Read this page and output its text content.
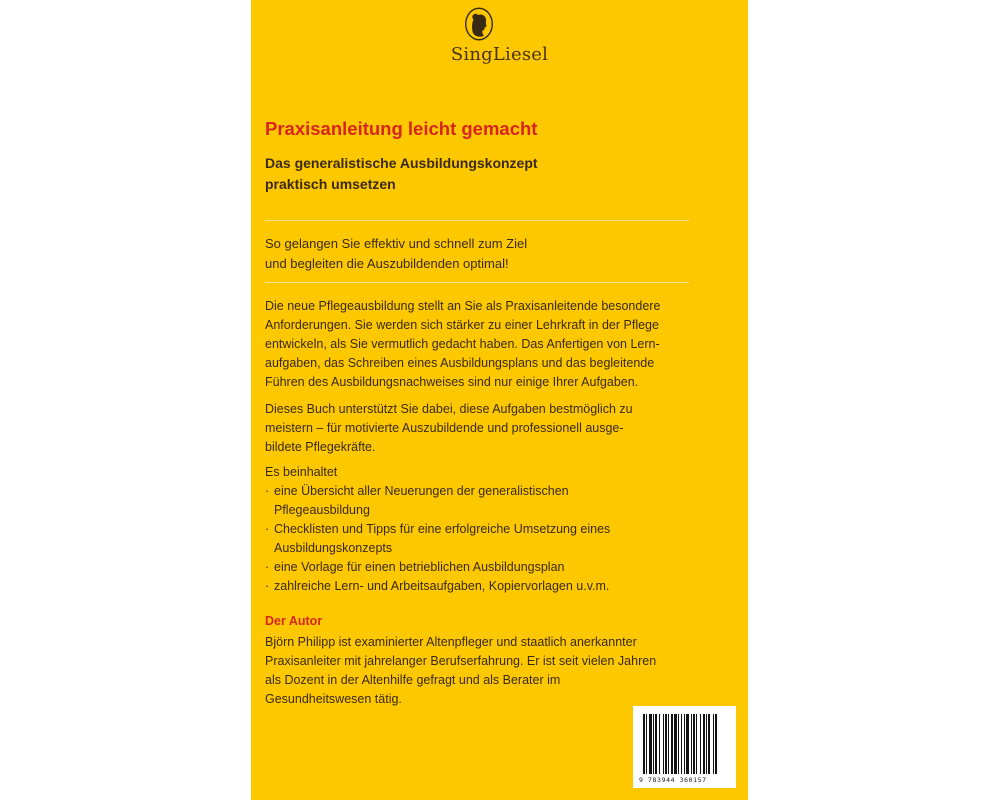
SingLiesel
Praxisanleitung leicht gemacht
Das generalistische Ausbildungskonzept
praktisch umsetzen
So gelangen Sie effektiv und schnell zum Ziel
und begleiten die Auszubildenden optimal!
Die neue Pflegeausbildung stellt an Sie als Praxisanleitende besondere
Anforderungen. Sie werden sich stärker zu einer Lehrkraft in der Pflege
entwickeln, als Sie vermutlich gedacht haben. Das Anfertigen von Lern-
aufgaben, das Schreiben eines Ausbildungsplans und das begleitende
Führen des Ausbildungsnachweises sind nur einige Ihrer Aufgaben.
Dieses Buch unterstützt Sie dabei, diese Aufgaben bestmöglich zu
meistern – für motivierte Auszubildende und professionell ausge-
bildete Pflegekräfte.
Es beinhaltet
· eine Übersicht aller Neuerungen der generalistischen
Pflegeausbildung
· Checklisten und Tipps für eine erfolgreiche Umsetzung eines
Ausbildungskonzepts
· eine Vorlage für einen betrieblichen Ausbildungsplan
· zahlreiche Lern- und Arbeitsaufgaben, Kopiervorlagen u.v.m.
Der Autor
Björn Philipp ist examinierter Altenpfleger und staatlich anerkannter
Praxisanleiter mit jahrelanger Berufserfahrung. Er ist seit vielen Jahren
als Dozent in der Altenhilfe gefragt und als Berater im
Gesundheitswesen tätig.
9 783944 360157
